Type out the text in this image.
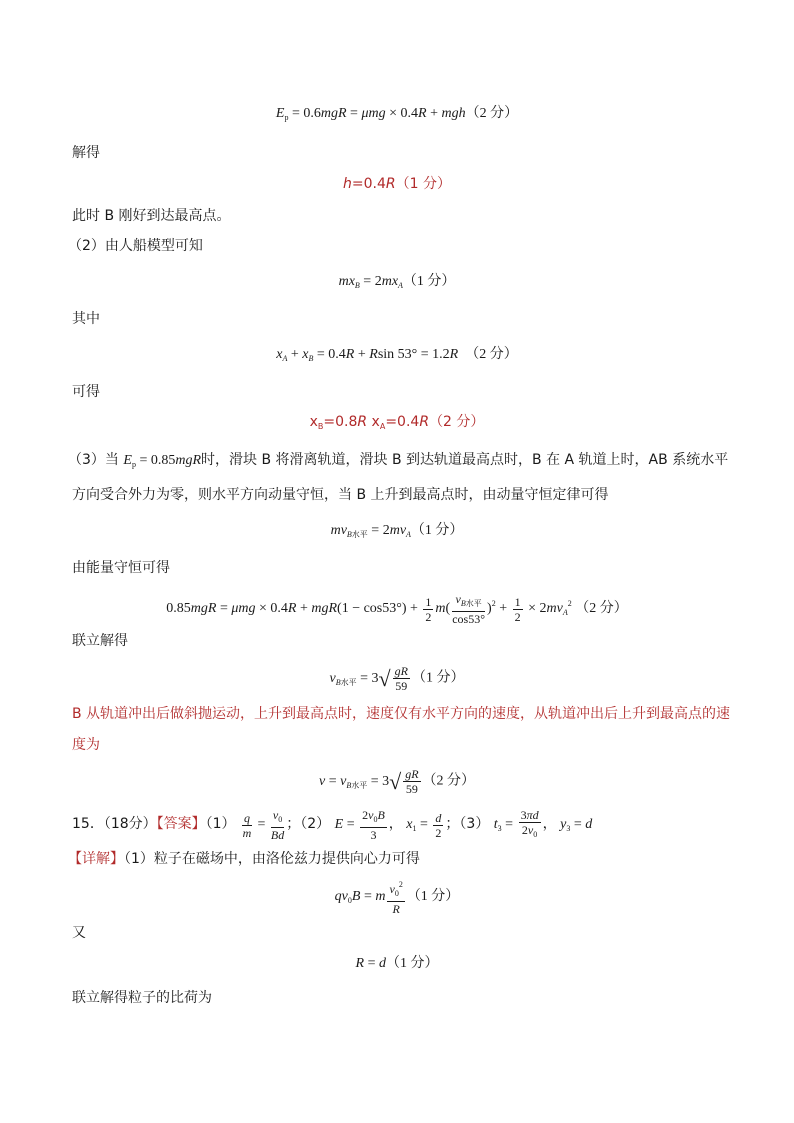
$E_p = 0.6mgR = \mu mg \times 0.4R + mgh(2$ 分）
解得
h=0.4R（1 分）
此时 B 刚好到达最高点。
（2）由人船模型可知
$mx_B = 2mx_A(1$ 分）
其中
$x_A + x_B = 0.4R + Rsin$ 53° = 1.2R （2 分）
可得
$x_B=0.8R$ $x_A=0.4R(2$ 分）
（3）当 $E_p = 0.85mgR$时，滑块 B 将滑离轨道，滑块 B 到达轨道最高点时，B 在 A 轨道上时，AB 系统水平
方向受合外力为零，则水平方向动量守恒，当 B 上升到最高点时，由动量守恒定律可得
$mv_{B水平} = 2mv_A(1$ 分）
由能量守恒可得
$0.85mgR = \mu mg \times 0.4R + mgR(1 - \cos 53^\circ) + \frac{1}{2} m( \frac{v_{B水平}}{\cos 53^\circ} )^2 + \frac{1}{2} \times 2mv_A^2$ （2 分）
联立解得
$v_{B水平} = 3√ \frac{gR}{59} (1$ 分）
B 从轨道冲出后做斜抛运动，上升到最高点时，速度仅有水平方向的速度，从轨道冲出后上升到最高点的速
度为
$v = v_{B水平} = 3√ \frac{gR}{59} (2$ 分）
15．（18分）【答案】$(1) \frac{q}{m} = \frac{v_0}{Bd}$ ；（2） $E = \frac{2v_0B}{3}$ ， $x_1 = \frac{d}{2}$ ；（3） $t_3 = \frac{3\pi d}{2v_0}$ ， $y_3 = d$
【详解】（1）粒子在磁场中，由洛伦兹力提供向心力可得
$qv_0B = m \frac{v_0^2}{R} (1$ 分）
又
R = d（1 分）
联立解得粒子的比荷为
